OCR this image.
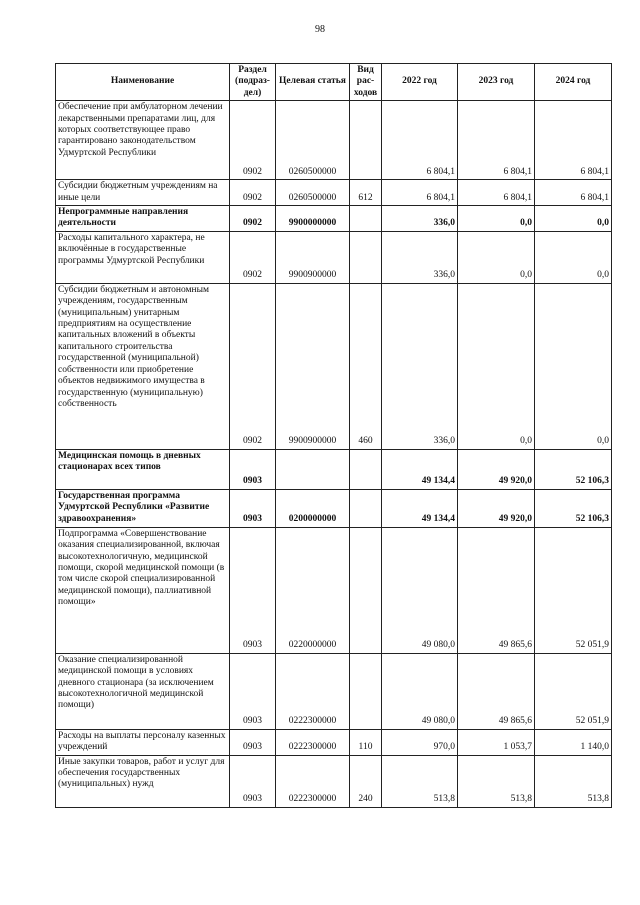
98
Наименование	Раздел (подраз-дел)	Целевая статья	Вид рас-ходов	2022 год	2023 год	2024 год
Обеспечение при амбулаторном лечении лекарственными препаратами лиц, для которых соответствующее право гарантировано законодательством Удмуртской Республики	0902	0260500000		6 804,1	6 804,1	6 804,1
Субсидии бюджетным учреждениям на иные цели	0902	0260500000	612	6 804,1	6 804,1	6 804,1
Непрограммные направления деятельности	0902	9900000000		336,0	0,0	0,0
Расходы капитального характера, не включённые в государственные программы Удмуртской Республики	0902	9900900000		336,0	0,0	0,0
Субсидии бюджетным и автономным учреждениям, государственным (муниципальным) унитарным предприятиям на осуществление капитальных вложений в объекты капитального строительства государственной (муниципальной) собственности или приобретение объектов недвижимого имущества в государственную (муниципальную) собственность	0902	9900900000	460	336,0	0,0	0,0
Медицинская помощь в дневных стационарах всех типов	0903			49 134,4	49 920,0	52 106,3
Государственная программа Удмуртской Республики «Развитие здравоохранения»	0903	0200000000		49 134,4	49 920,0	52 106,3
Подпрограмма «Совершенствование оказания специализированной, включая высокотехнологичную, медицинской помощи, скорой медицинской помощи (в том числе скорой специализированной медицинской помощи), паллиативной помощи»	0903	0220000000		49 080,0	49 865,6	52 051,9
Оказание специализированной медицинской помощи в условиях дневного стационара (за исключением высокотехнологичной медицинской помощи)	0903	0222300000		49 080,0	49 865,6	52 051,9
Расходы на выплаты персоналу казенных учреждений	0903	0222300000	110	970,0	1 053,7	1 140,0
Иные закупки товаров, работ и услуг для обеспечения государственных (муниципальных) нужд	0903	0222300000	240	513,8	513,8	513,8
